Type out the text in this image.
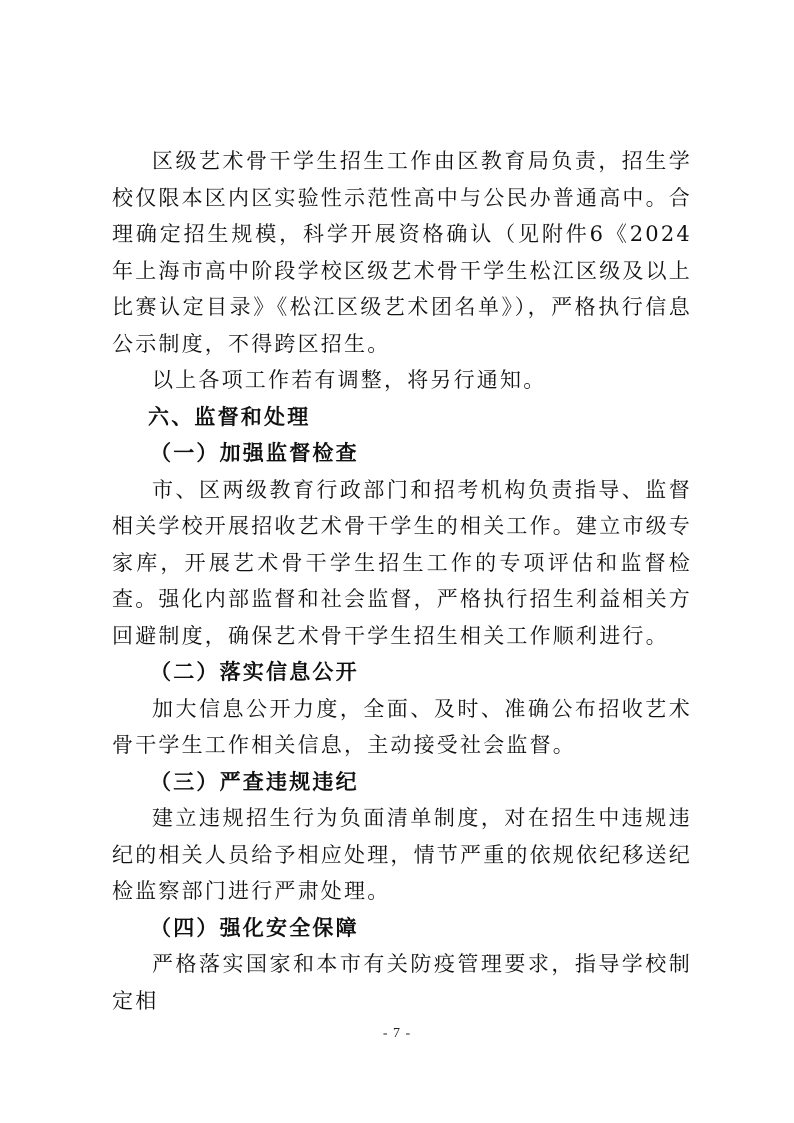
区级艺术骨干学生招生工作由区教育局负责，招生学校仅限本区内区实验性示范性高中与公民办普通高中。合理确定招生规模，科学开展资格确认（见附件6《2024年上海市高中阶段学校区级艺术骨干学生松江区级及以上比赛认定目录》《松江区级艺术团名单》），严格执行信息公示制度，不得跨区招生。

以上各项工作若有调整，将另行通知。

六、监督和处理

（一）加强监督检查

市、区两级教育行政部门和招考机构负责指导、监督相关学校开展招收艺术骨干学生的相关工作。建立市级专家库，开展艺术骨干学生招生工作的专项评估和监督检查。强化内部监督和社会监督，严格执行招生利益相关方回避制度，确保艺术骨干学生招生相关工作顺利进行。

（二）落实信息公开

加大信息公开力度，全面、及时、准确公布招收艺术骨干学生工作相关信息，主动接受社会监督。

（三）严查违规违纪

建立违规招生行为负面清单制度，对在招生中违规违纪的相关人员给予相应处理，情节严重的依规依纪移送纪检监察部门进行严肃处理。

（四）强化安全保障

严格落实国家和本市有关防疫管理要求，指导学校制定相

- 7 -
